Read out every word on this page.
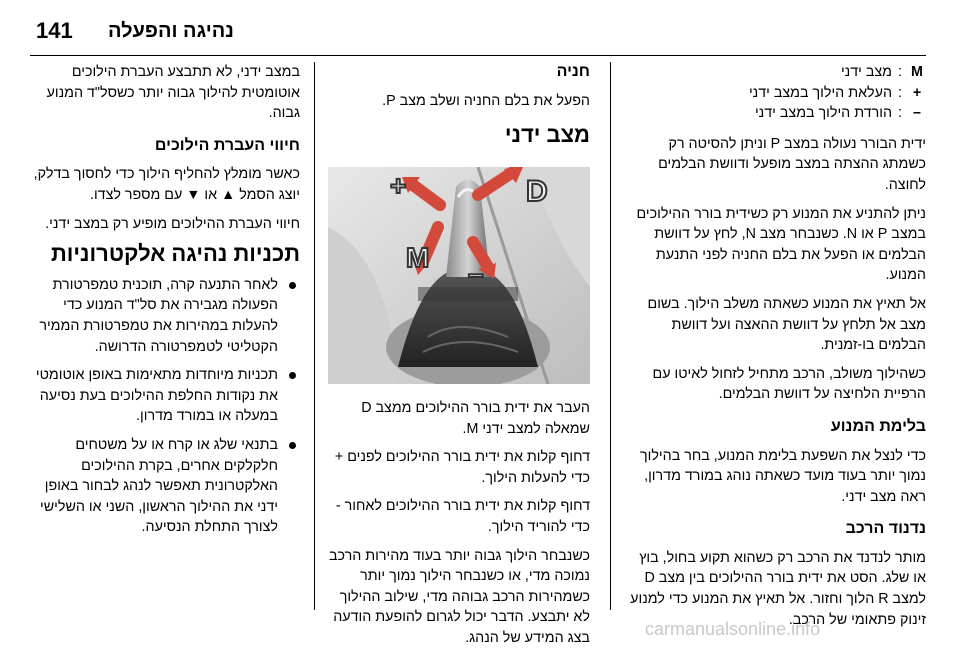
141 נהיגה והפעלה
M
:
מצב ידני
+
:
העלאת הילוך במצב ידני
–
:
הורדת הילוך במצב ידני

ידית הבורר נעולה במצב P וניתן להסיטה רק כשמתג ההצתה במצב מופעל ודוושת הבלמים לחוצה.

ניתן להתניע את המנוע רק כשידית בורר ההילוכים במצב P או N. כשנבחר מצב N, לחץ על דוושת הבלמים או הפעל את בלם החניה לפני התנעת המנוע.

אל תאיץ את המנוע כשאתה משלב הילוך. בשום מצב אל תלחץ על דוושת ההאצה ועל דוושת הבלמים בו-זמנית.

כשהילוך משולב, הרכב מתחיל לזחול לאיטו עם הרפיית הלחיצה על דוושת הבלמים.

בלימת המנוע

כדי לנצל את השפעת בלימת המנוע, בחר בהילוך נמוך יותר בעוד מועד כשאתה נוהג במורד מדרון, ראה מצב ידני.

נדנוד הרכב

מותר לנדנד את הרכב רק כשהוא תקוע בחול, בוץ או שלג. הסט את ידית בורר ההילוכים בין מצב D למצב R הלוך וחזור. אל תאיץ את המנוע כדי למנוע זינוק פתאומי של הרכב.

חניה

הפעל את בלם החניה ושלב מצב P.

מצב ידני
D
M
+
–

העבר את ידית בורר ההילוכים ממצב D שמאלה למצב ידני M.

דחוף קלות את ידית בורר ההילוכים לפנים + כדי להעלות הילוך.

דחוף קלות את ידית בורר ההילוכים לאחור - כדי להוריד הילוך.

כשנבחר הילוך גבוה יותר בעוד מהירות הרכב נמוכה מדי, או כשנבחר הילוך נמוך יותר כשמהירות הרכב גבוהה מדי, שילוב ההילוך לא יתבצע. הדבר יכול לגרום להופעת הודעה בצג המידע של הנהג.

במצב ידני, לא תתבצע העברת הילוכים אוטומטית להילוך גבוה יותר כשסל"ד המנוע גבוה.

חיווי העברת הילוכים

כאשר מומלץ להחליף הילוך כדי לחסוך בדלק, יוצג הסמל ▲ או ▼ עם מספר לצדו.

חיווי העברת ההילוכים מופיע רק במצב ידני.

תכניות נהיגה אלקטרוניות
לאחר התנעה קרה, תוכנית טמפרטורת הפעולה מגבירה את סל"ד המנוע כדי להעלות במהירות את טמפרטורת הממיר הקטליטי לטמפרטורה הדרושה.
תכניות מיוחדות מתאימות באופן אוטומטי את נקודות החלפת ההילוכים בעת נסיעה במעלה או במורד מדרון.
בתנאי שלג או קרח או על משטחים חלקלקים אחרים, בקרת ההילוכים האלקטרונית תאפשר לנהג לבחור באופן ידני את ההילוך הראשון, השני או השלישי לצורך התחלת הנסיעה.
carmanualsonline.info
